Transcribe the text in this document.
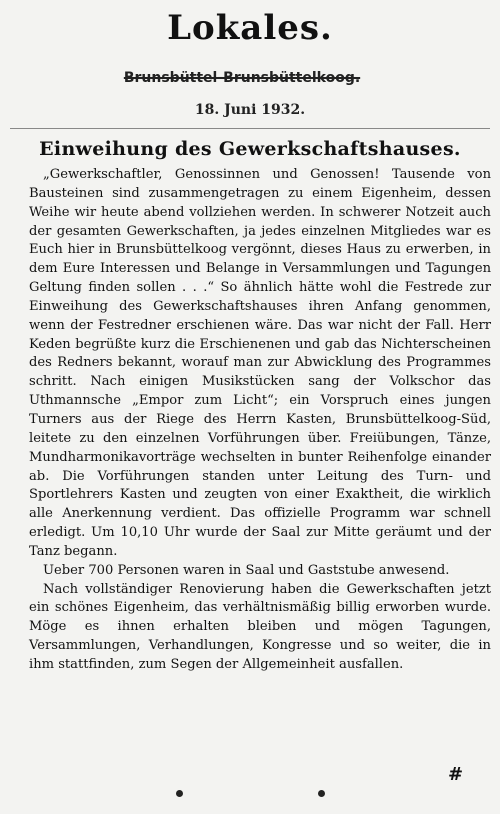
Lokales.
Brunsbüttel-Brunsbüttelkoog.
18. Juni 1932.
Einweihung des Gewerkschaftshauses.

„Gewerkschaftler, Genossinnen und Genossen! Tausende von Bausteinen sind zusammengetragen zu einem Eigenheim, dessen Weihe wir heute abend vollziehen werden. In schwerer Notzeit auch der gesamten Gewerkschaften, ja jedes einzelnen Mitgliedes war es Euch hier in Brunsbüttelkoog vergönnt, dieses Haus zu erwerben, in dem Eure Interessen und Belange in Versammlungen und Tagungen Geltung finden sollen . . .“ So ähnlich hätte wohl die Festrede zur Einweihung des Gewerkschaftshauses ihren Anfang genommen, wenn der Festredner erschienen wäre. Das war nicht der Fall. Herr Keden begrüßte kurz die Erschienenen und gab das Nichterscheinen des Redners bekannt, worauf man zur Abwicklung des Programmes schritt. Nach einigen Musikstücken sang der Volkschor das Uthmannsche „Empor zum Licht“; ein Vorspruch eines jungen Turners aus der Riege des Herrn Kasten, Brunsbüttelkoog-Süd, leitete zu den einzelnen Vorführungen über. Freiübungen, Tänze, Mundharmonikavorträge wechselten in bunter Reihenfolge einander ab. Die Vorführungen standen unter Leitung des Turn- und Sportlehrers Kasten und zeugten von einer Exaktheit, die wirklich alle Anerkennung verdient. Das offizielle Programm war schnell erledigt. Um 10,10 Uhr wurde der Saal zur Mitte geräumt und der Tanz begann.

Ueber 700 Personen waren in Saal und Gaststube anwesend.

Nach vollständiger Renovierung haben die Gewerkschaften jetzt ein schönes Eigenheim, das verhältnismäßig billig erworben wurde. Möge es ihnen erhalten bleiben und mögen Tagungen, Versammlungen, Verhandlungen, Kongresse und so weiter, die in ihm stattfinden, zum Segen der Allgemeinheit ausfallen.

#
